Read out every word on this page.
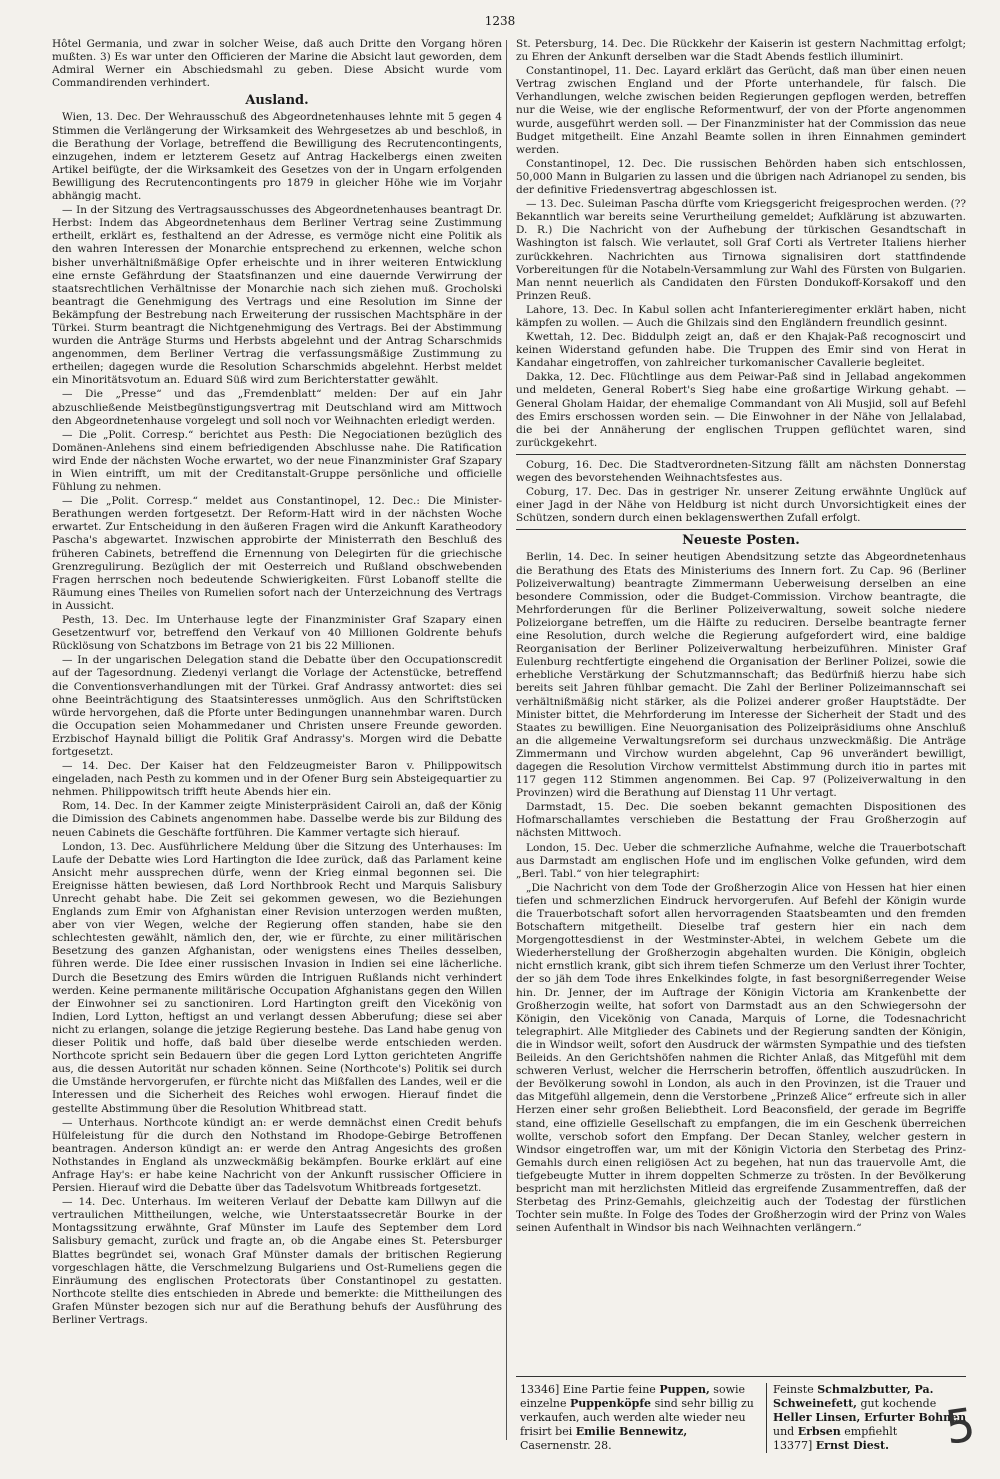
1238

Hôtel Germania, und zwar in solcher Weise, daß auch Dritte den Vorgang hören mußten. 3) Es war unter den Officieren der Marine die Absicht laut geworden, dem Admiral Werner ein Abschiedsmahl zu geben. Diese Absicht wurde vom Commandirenden verhindert.

Ausland.

Wien, 13. Dec. Der Wehrausschuß des Abgeordnetenhauses lehnte mit 5 gegen 4 Stimmen die Verlängerung der Wirksamkeit des Wehrgesetzes ab und beschloß, in die Berathung der Vorlage, betreffend die Bewilligung des Recrutencontingents, einzugehen, indem er letzterem Gesetz auf Antrag Hackelbergs einen zweiten Artikel beifügte, der die Wirksamkeit des Gesetzes von der in Ungarn erfolgenden Bewilligung des Recrutencontingents pro 1879 in gleicher Höhe wie im Vorjahr abhängig macht.

— In der Sitzung des Vertragsausschusses des Abgeordnetenhauses beantragt Dr. Herbst: Indem das Abgeordnetenhaus dem Berliner Vertrag seine Zustimmung ertheilt, erklärt es, festhaltend an der Adresse, es vermöge nicht eine Politik als den wahren Interessen der Monarchie entsprechend zu erkennen, welche schon bisher unverhältnißmäßige Opfer erheischte und in ihrer weiteren Entwicklung eine ernste Gefährdung der Staatsfinanzen und eine dauernde Verwirrung der staatsrechtlichen Verhältnisse der Monarchie nach sich ziehen muß. Grocholski beantragt die Genehmigung des Vertrags und eine Resolution im Sinne der Bekämpfung der Bestrebung nach Erweiterung der russischen Machtsphäre in der Türkei. Sturm beantragt die Nichtgenehmigung des Vertrags. Bei der Abstimmung wurden die Anträge Sturms und Herbsts abgelehnt und der Antrag Scharschmids angenommen, dem Berliner Vertrag die verfassungsmäßige Zustimmung zu ertheilen; dagegen wurde die Resolution Scharschmids abgelehnt. Herbst meldet ein Minoritätsvotum an. Eduard Süß wird zum Berichterstatter gewählt.

— Die „Presse“ und das „Fremdenblatt“ melden: Der auf ein Jahr abzuschließende Meistbegünstigungsvertrag mit Deutschland wird am Mittwoch den Abgeordnetenhause vorgelegt und soll noch vor Weihnachten erledigt werden.

— Die „Polit. Corresp.“ berichtet aus Pesth: Die Negociationen bezüglich des Domänen-Anlehens sind einem befriedigenden Abschlusse nahe. Die Ratification wird Ende der nächsten Woche erwartet, wo der neue Finanzminister Graf Szapary in Wien eintrifft, um mit der Creditanstalt-Gruppe persönliche und officielle Fühlung zu nehmen.

— Die „Polit. Corresp.“ meldet aus Constantinopel, 12. Dec.: Die Minister-Berathungen werden fortgesetzt. Der Reform-Hatt wird in der nächsten Woche erwartet. Zur Entscheidung in den äußeren Fragen wird die Ankunft Karatheodory Pascha's abgewartet. Inzwischen approbirte der Ministerrath den Beschluß des früheren Cabinets, betreffend die Ernennung von Delegirten für die griechische Grenzregulirung. Bezüglich der mit Oesterreich und Rußland obschwebenden Fragen herrschen noch bedeutende Schwierigkeiten. Fürst Lobanoff stellte die Räumung eines Theiles von Rumelien sofort nach der Unterzeichnung des Vertrags in Aussicht.

Pesth, 13. Dec. Im Unterhause legte der Finanzminister Graf Szapary einen Gesetzentwurf vor, betreffend den Verkauf von 40 Millionen Goldrente behufs Rücklösung von Schatzbons im Betrage von 21 bis 22 Millionen.

— In der ungarischen Delegation stand die Debatte über den Occupationscredit auf der Tagesordnung. Ziedenyi verlangt die Vorlage der Actenstücke, betreffend die Conventionsverhandlungen mit der Türkei. Graf Andrassy antwortet: dies sei ohne Beeinträchtigung des Staatsinteresses unmöglich. Aus den Schriftstücken würde hervorgehen, daß die Pforte unter Bedingungen unannehmbar waren. Durch die Occupation seien Mohammedaner und Christen unsere Freunde geworden. Erzbischof Haynald billigt die Politik Graf Andrassy's. Morgen wird die Debatte fortgesetzt.

— 14. Dec. Der Kaiser hat den Feldzeugmeister Baron v. Philippowitsch eingeladen, nach Pesth zu kommen und in der Ofener Burg sein Absteigequartier zu nehmen. Philippowitsch trifft heute Abends hier ein.

Rom, 14. Dec. In der Kammer zeigte Ministerpräsident Cairoli an, daß der König die Dimission des Cabinets angenommen habe. Dasselbe werde bis zur Bildung des neuen Cabinets die Geschäfte fortführen. Die Kammer vertagte sich hierauf.

London, 13. Dec. Ausführlichere Meldung über die Sitzung des Unterhauses: Im Laufe der Debatte wies Lord Hartington die Idee zurück, daß das Parlament keine Ansicht mehr aussprechen dürfe, wenn der Krieg einmal begonnen sei. Die Ereignisse hätten bewiesen, daß Lord Northbrook Recht und Marquis Salisbury Unrecht gehabt habe. Die Zeit sei gekommen gewesen, wo die Beziehungen Englands zum Emir von Afghanistan einer Revision unterzogen werden mußten, aber von vier Wegen, welche der Regierung offen standen, habe sie den schlechtesten gewählt, nämlich den, der, wie er fürchte, zu einer militärischen Besetzung des ganzen Afghanistan, oder wenigstens eines Theiles desselben, führen werde. Die Idee einer russischen Invasion in Indien sei eine lächerliche. Durch die Besetzung des Emirs würden die Intriguen Rußlands nicht verhindert werden. Keine permanente militärische Occupation Afghanistans gegen den Willen der Einwohner sei zu sanctioniren. Lord Hartington greift den Vicekönig von Indien, Lord Lytton, heftigst an und verlangt dessen Abberufung; diese sei aber nicht zu erlangen, solange die jetzige Regierung bestehe. Das Land habe genug von dieser Politik und hoffe, daß bald über dieselbe werde entschieden werden. Northcote spricht sein Bedauern über die gegen Lord Lytton gerichteten Angriffe aus, die dessen Autorität nur schaden können. Seine (Northcote's) Politik sei durch die Umstände hervorgerufen, er fürchte nicht das Mißfallen des Landes, weil er die Interessen und die Sicherheit des Reiches wohl erwogen. Hierauf findet die gestellte Abstimmung über die Resolution Whitbread statt.

— Unterhaus. Northcote kündigt an: er werde demnächst einen Credit behufs Hülfeleistung für die durch den Nothstand im Rhodope-Gebirge Betroffenen beantragen. Anderson kündigt an: er werde den Antrag Angesichts des großen Nothstandes in England als unzweckmäßig bekämpfen. Bourke erklärt auf eine Anfrage Hay's: er habe keine Nachricht von der Ankunft russischer Officiere in Persien. Hierauf wird die Debatte über das Tadelsvotum Whitbreads fortgesetzt.

— 14. Dec. Unterhaus. Im weiteren Verlauf der Debatte kam Dillwyn auf die vertraulichen Mittheilungen, welche, wie Unterstaatssecretär Bourke in der Montagssitzung erwähnte, Graf Münster im Laufe des September dem Lord Salisbury gemacht, zurück und fragte an, ob die Angabe eines St. Petersburger Blattes begründet sei, wonach Graf Münster damals der britischen Regierung vorgeschlagen hätte, die Verschmelzung Bulgariens und Ost-Rumeliens gegen die Einräumung des englischen Protectorats über Constantinopel zu gestatten. Northcote stellte dies entschieden in Abrede und bemerkte: die Mittheilungen des Grafen Münster bezogen sich nur auf die Berathung behufs der Ausführung des Berliner Vertrags.

St. Petersburg, 14. Dec. Die Rückkehr der Kaiserin ist gestern Nachmittag erfolgt; zu Ehren der Ankunft derselben war die Stadt Abends festlich illuminirt.

Constantinopel, 11. Dec. Layard erklärt das Gerücht, daß man über einen neuen Vertrag zwischen England und der Pforte unterhandele, für falsch. Die Verhandlungen, welche zwischen beiden Regierungen gepflogen werden, betreffen nur die Weise, wie der englische Reformentwurf, der von der Pforte angenommen wurde, ausgeführt werden soll. — Der Finanzminister hat der Commission das neue Budget mitgetheilt. Eine Anzahl Beamte sollen in ihren Einnahmen gemindert werden.

Constantinopel, 12. Dec. Die russischen Behörden haben sich entschlossen, 50,000 Mann in Bulgarien zu lassen und die übrigen nach Adrianopel zu senden, bis der definitive Friedensvertrag abgeschlossen ist.

— 13. Dec. Suleiman Pascha dürfte vom Kriegsgericht freigesprochen werden. (?? Bekanntlich war bereits seine Verurtheilung gemeldet; Aufklärung ist abzuwarten. D. R.) Die Nachricht von der Aufhebung der türkischen Gesandtschaft in Washington ist falsch. Wie verlautet, soll Graf Corti als Vertreter Italiens hierher zurückkehren. Nachrichten aus Tirnowa signalisiren dort stattfindende Vorbereitungen für die Notabeln-Versammlung zur Wahl des Fürsten von Bulgarien. Man nennt neuerlich als Candidaten den Fürsten Dondukoff-Korsakoff und den Prinzen Reuß.

Lahore, 13. Dec. In Kabul sollen acht Infanterieregimenter erklärt haben, nicht kämpfen zu wollen. — Auch die Ghilzais sind den Engländern freundlich gesinnt.

Kwettah, 12. Dec. Biddulph zeigt an, daß er den Khajak-Paß recognoscirt und keinen Widerstand gefunden habe. Die Truppen des Emir sind von Herat in Kandahar eingetroffen, von zahlreicher turkomanischer Cavallerie begleitet.

Dakka, 12. Dec. Flüchtlinge aus dem Peiwar-Paß sind in Jellabad angekommen und meldeten, General Robert's Sieg habe eine großartige Wirkung gehabt. — General Gholam Haidar, der ehemalige Commandant von Ali Musjid, soll auf Befehl des Emirs erschossen worden sein. — Die Einwohner in der Nähe von Jellalabad, die bei der Annäherung der englischen Truppen geflüchtet waren, sind zurückgekehrt.

Coburg, 16. Dec. Die Stadtverordneten-Sitzung fällt am nächsten Donnerstag wegen des bevorstehenden Weihnachtsfestes aus.

Coburg, 17. Dec. Das in gestriger Nr. unserer Zeitung erwähnte Unglück auf einer Jagd in der Nähe von Heldburg ist nicht durch Unvorsichtigkeit eines der Schützen, sondern durch einen beklagenswerthen Zufall erfolgt.

Neueste Posten.

Berlin, 14. Dec. In seiner heutigen Abendsitzung setzte das Abgeordnetenhaus die Berathung des Etats des Ministeriums des Innern fort. Zu Cap. 96 (Berliner Polizeiverwaltung) beantragte Zimmermann Ueberweisung derselben an eine besondere Commission, oder die Budget-Commission. Virchow beantragte, die Mehrforderungen für die Berliner Polizeiverwaltung, soweit solche niedere Polizeiorgane betreffen, um die Hälfte zu reduciren. Derselbe beantragte ferner eine Resolution, durch welche die Regierung aufgefordert wird, eine baldige Reorganisation der Berliner Polizeiverwaltung herbeizuführen. Minister Graf Eulenburg rechtfertigte eingehend die Organisation der Berliner Polizei, sowie die erhebliche Verstärkung der Schutzmannschaft; das Bedürfniß hierzu habe sich bereits seit Jahren fühlbar gemacht. Die Zahl der Berliner Polizeimannschaft sei verhältnißmäßig nicht stärker, als die Polizei anderer großer Hauptstädte. Der Minister bittet, die Mehrforderung im Interesse der Sicherheit der Stadt und des Staates zu bewilligen. Eine Neuorganisation des Polizeipräsidiums ohne Anschluß an die allgemeine Verwaltungsreform sei durchaus unzweckmäßig. Die Anträge Zimmermann und Virchow wurden abgelehnt, Cap 96 unverändert bewilligt, dagegen die Resolution Virchow vermittelst Abstimmung durch itio in partes mit 117 gegen 112 Stimmen angenommen. Bei Cap. 97 (Polizeiverwaltung in den Provinzen) wird die Berathung auf Dienstag 11 Uhr vertagt.

Darmstadt, 15. Dec. Die soeben bekannt gemachten Dispositionen des Hofmarschallamtes verschieben die Bestattung der Frau Großherzogin auf nächsten Mittwoch.

London, 15. Dec. Ueber die schmerzliche Aufnahme, welche die Trauerbotschaft aus Darmstadt am englischen Hofe und im englischen Volke gefunden, wird dem „Berl. Tabl.“ von hier telegraphirt:

„Die Nachricht von dem Tode der Großherzogin Alice von Hessen hat hier einen tiefen und schmerzlichen Eindruck hervorgerufen. Auf Befehl der Königin wurde die Trauerbotschaft sofort allen hervorragenden Staatsbeamten und den fremden Botschaftern mitgetheilt. Dieselbe traf gestern hier ein nach dem Morgengottesdienst in der Westminster-Abtei, in welchem Gebete um die Wiederherstellung der Großherzogin abgehalten wurden. Die Königin, obgleich nicht ernstlich krank, gibt sich ihrem tiefen Schmerze um den Verlust ihrer Tochter, der so jäh dem Tode ihres Enkelkindes folgte, in fast besorgnißerregender Weise hin. Dr. Jenner, der im Auftrage der Königin Victoria am Krankenbette der Großherzogin weilte, hat sofort von Darmstadt aus an den Schwiegersohn der Königin, den Vicekönig von Canada, Marquis of Lorne, die Todesnachricht telegraphirt. Alle Mitglieder des Cabinets und der Regierung sandten der Königin, die in Windsor weilt, sofort den Ausdruck der wärmsten Sympathie und des tiefsten Beileids. An den Gerichtshöfen nahmen die Richter Anlaß, das Mitgefühl mit dem schweren Verlust, welcher die Herrscherin betroffen, öffentlich auszudrücken. In der Bevölkerung sowohl in London, als auch in den Provinzen, ist die Trauer und das Mitgefühl allgemein, denn die Verstorbene „Prinzeß Alice“ erfreute sich in aller Herzen einer sehr großen Beliebtheit. Lord Beaconsfield, der gerade im Begriffe stand, eine offizielle Gesellschaft zu empfangen, die im ein Geschenk überreichen wollte, verschob sofort den Empfang. Der Decan Stanley, welcher gestern in Windsor eingetroffen war, um mit der Königin Victoria den Sterbetag des Prinz-Gemahls durch einen religiösen Act zu begehen, hat nun das trauervolle Amt, die tiefgebeugte Mutter in ihrem doppelten Schmerze zu trösten. In der Bevölkerung bespricht man mit herzlichsten Mitleid das ergreifende Zusammentreffen, daß der Sterbetag des Prinz-Gemahls, gleichzeitig auch der Todestag der fürstlichen Tochter sein mußte. In Folge des Todes der Großherzogin wird der Prinz von Wales seinen Aufenthalt in Windsor bis nach Weihnachten verlängern.“

13346] Eine Partie feine Puppen, sowie einzelne Puppenköpfe sind sehr billig zu verkaufen, auch werden alte wieder neu frisirt bei Emilie Bennewitz, Casernenstr. 28.
Feinste Schmalzbutter, Pa. Schweinefett, gut kochende Heller Linsen, Erfurter Bohnen und Erbsen empfiehlt
13377] Ernst Diest.	5
